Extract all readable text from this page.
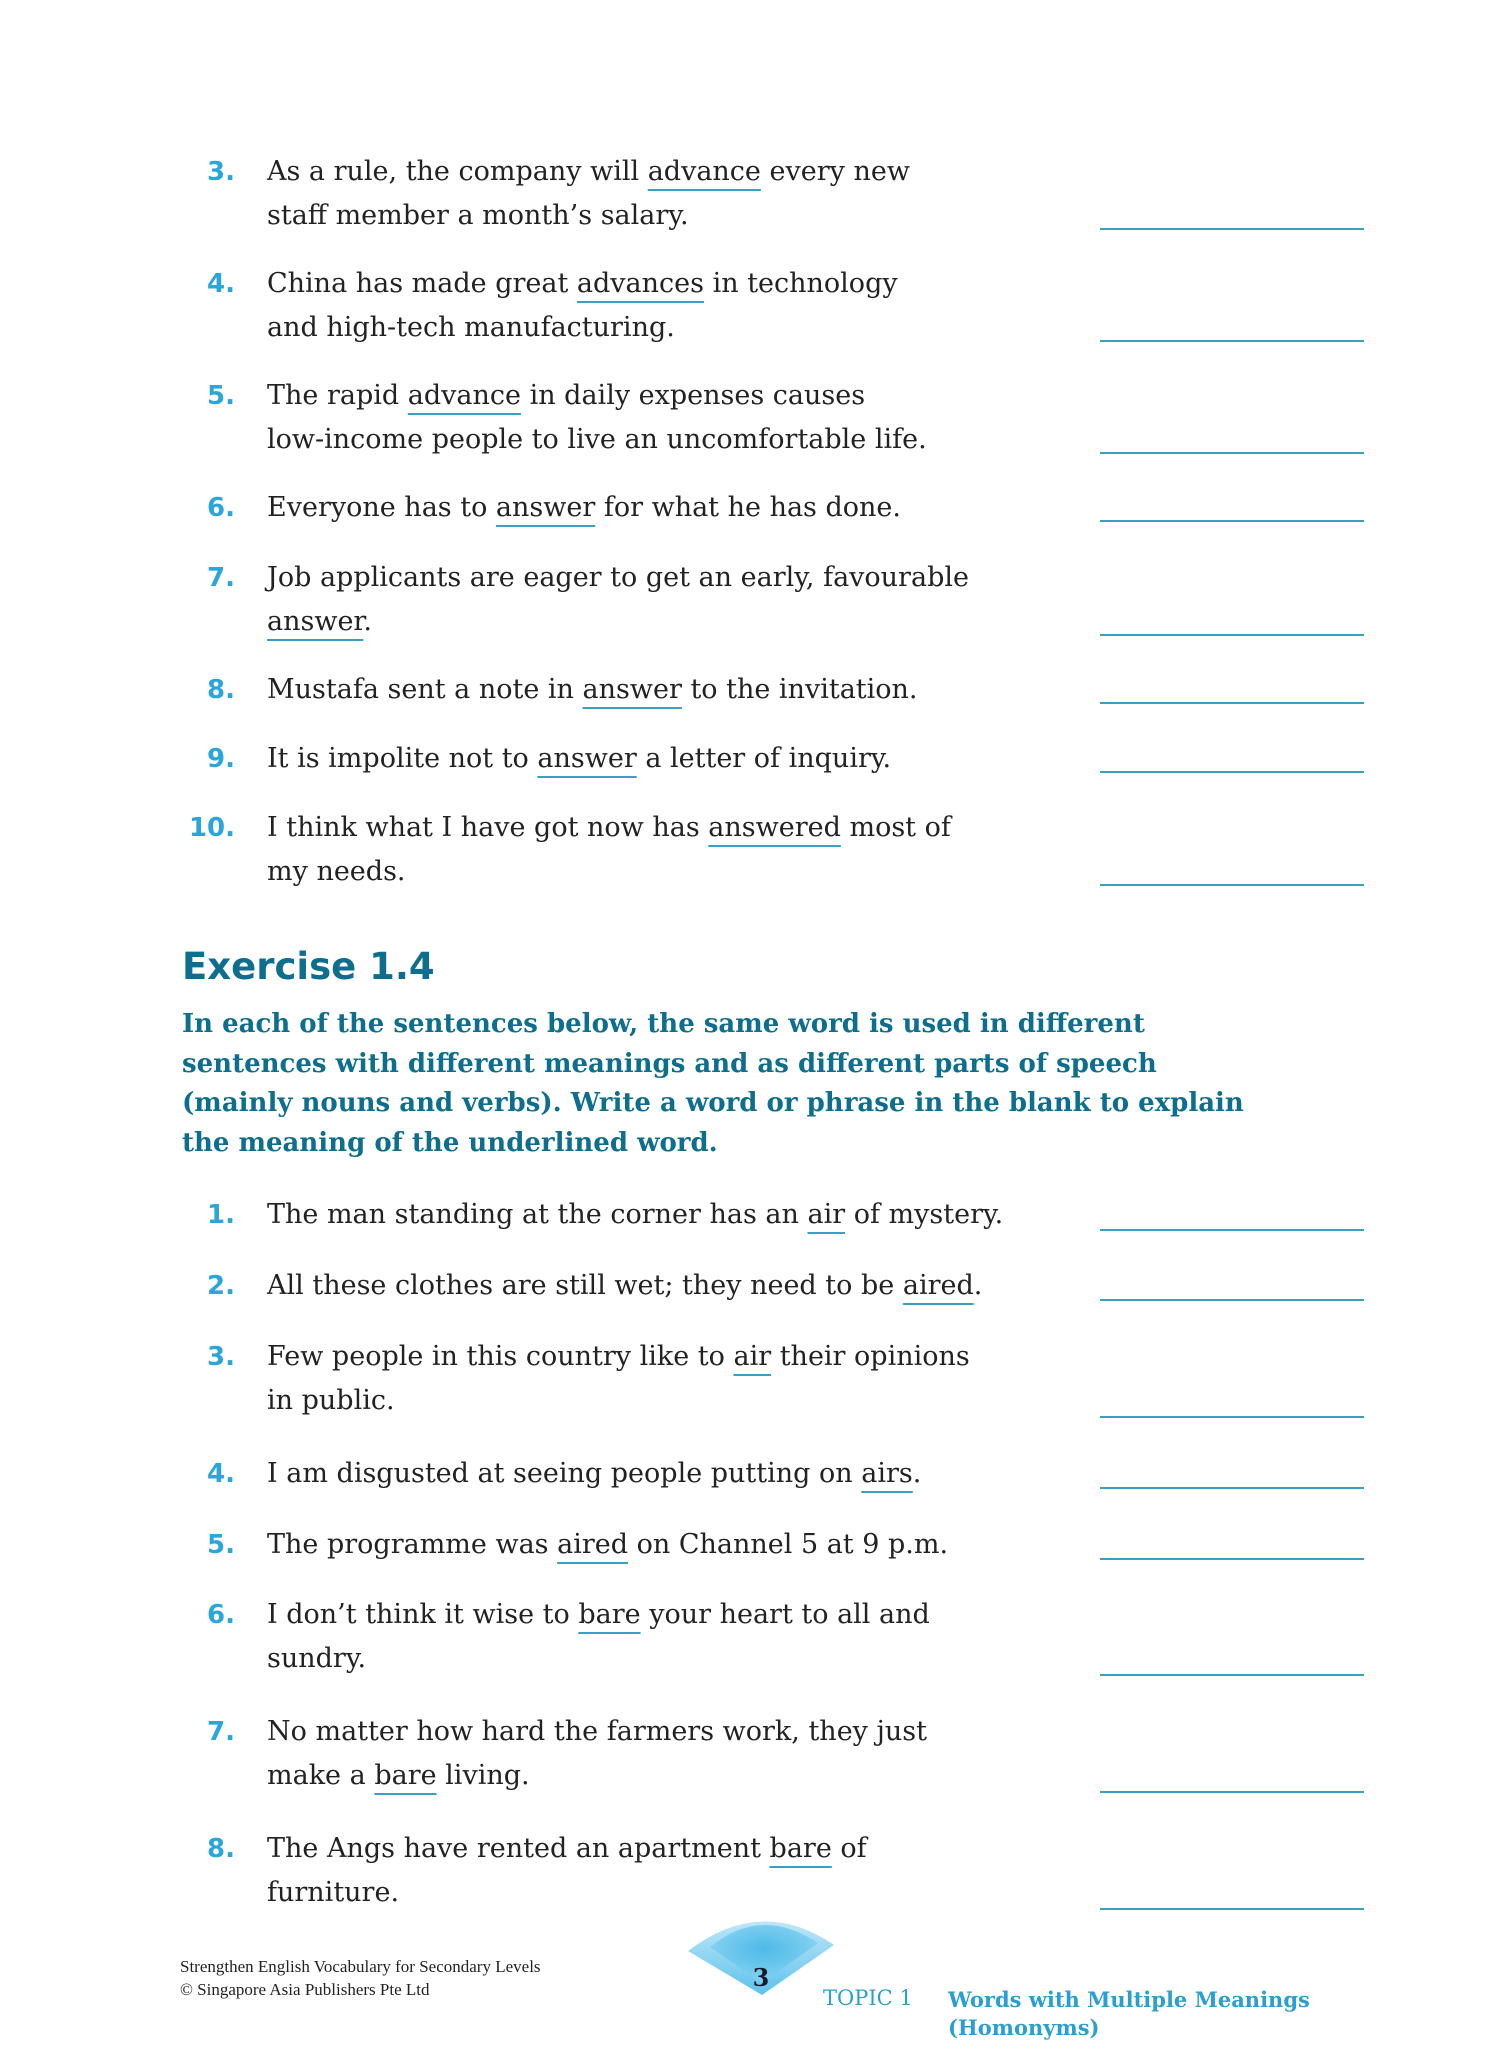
3. As a rule, the company will advance every new
staff member a month’s salary.
4. China has made great advances in technology
and high-tech manufacturing.
5. The rapid advance in daily expenses causes
low-income people to live an uncomfortable life.
6. Everyone has to answer for what he has done.
7. Job applicants are eager to get an early, favourable
answer.
8. Mustafa sent a note in answer to the invitation.
9. It is impolite not to answer a letter of inquiry.
10. I think what I have got now has answered most of
my needs.
Exercise 1.4

In each of the sentences below, the same word is used in different
sentences with different meanings and as different parts of speech
(mainly nouns and verbs). Write a word or phrase in the blank to explain
the meaning of the underlined word.

1. The man standing at the corner has an air of mystery.
2. All these clothes are still wet; they need to be aired.
3. Few people in this country like to air their opinions
in public.
4. I am disgusted at seeing people putting on airs.
5. The programme was aired on Channel 5 at 9 p.m.
6. I don’t think it wise to bare your heart to all and
sundry.
7. No matter how hard the farmers work, they just
make a bare living.
8. The Angs have rented an apartment bare of
furniture.
Strengthen English Vocabulary for Secondary Levels
© Singapore Asia Publishers Pte Ltd	3
TOPIC 1 Words with Multiple Meanings
(Homonyms)
